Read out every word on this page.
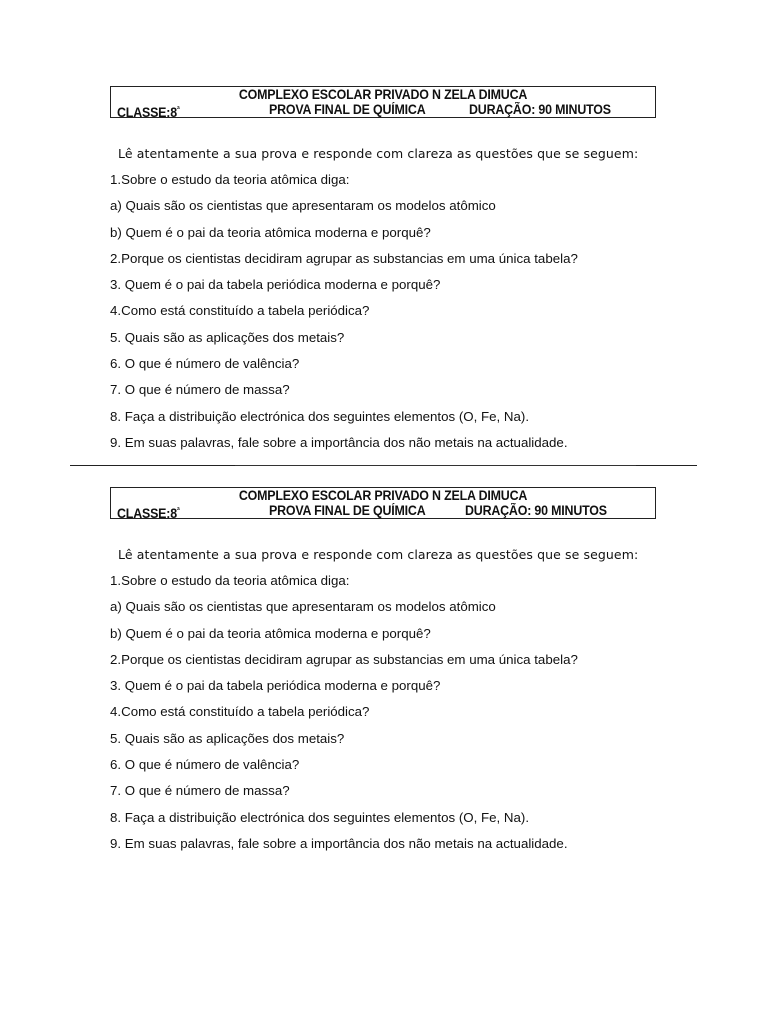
COMPLEXO ESCOLAR PRIVADO N ZELA DIMUCA
$CLASSE:8^ª$	PROVA FINAL DE QUÍMICA	DURAÇÃO: 90 MINUTOS
Lê atentamente a sua prova e responde com clareza as questões que se seguem:
1.Sobre o estudo da teoria atômica diga:
a) Quais são os cientistas que apresentaram os modelos atômico
b) Quem é o pai da teoria atômica moderna e porquê?
2.Porque os cientistas decidiram agrupar as substancias em uma única tabela?
3. Quem é o pai da tabela periódica moderna e porquê?
4.Como está constituído a tabela periódica?
5. Quais são as aplicações dos metais?
6. O que é número de valência?
7. O que é número de massa?
8. Faça a distribuição electrónica dos seguintes elementos (O, Fe, Na).
9. Em suas palavras, fale sobre a importância dos não metais na actualidade.
COMPLEXO ESCOLAR PRIVADO N ZELA DIMUCA
$CLASSE:8^ª$	PROVA FINAL DE QUÍMICA	DURAÇÃO: 90 MINUTOS
Lê atentamente a sua prova e responde com clareza as questões que se seguem:
1.Sobre o estudo da teoria atômica diga:
a) Quais são os cientistas que apresentaram os modelos atômico
b) Quem é o pai da teoria atômica moderna e porquê?
2.Porque os cientistas decidiram agrupar as substancias em uma única tabela?
3. Quem é o pai da tabela periódica moderna e porquê?
4.Como está constituído a tabela periódica?
5. Quais são as aplicações dos metais?
6. O que é número de valência?
7. O que é número de massa?
8. Faça a distribuição electrónica dos seguintes elementos (O, Fe, Na).
9. Em suas palavras, fale sobre a importância dos não metais na actualidade.
